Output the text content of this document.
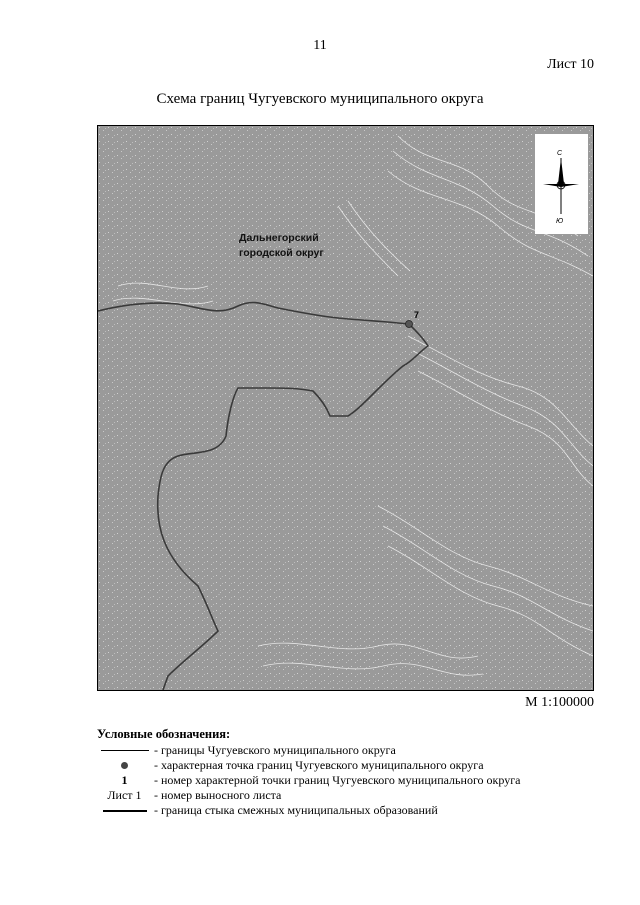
11
Лист 10
Схема границ Чугуевского муниципального округа
·
·
·
·
·
·
·
·
·
7
Дальнегорский
городской округ
С
Ю
М 1:100000
Условные обозначения:
- границы Чугуевского муниципального округа
- характерная точка границ Чугуевского муниципального округа
1 - номер характерной точки границ Чугуевского муниципального округа
Лист 1 - номер выносного листа
- граница стыка смежных муниципальных образований
